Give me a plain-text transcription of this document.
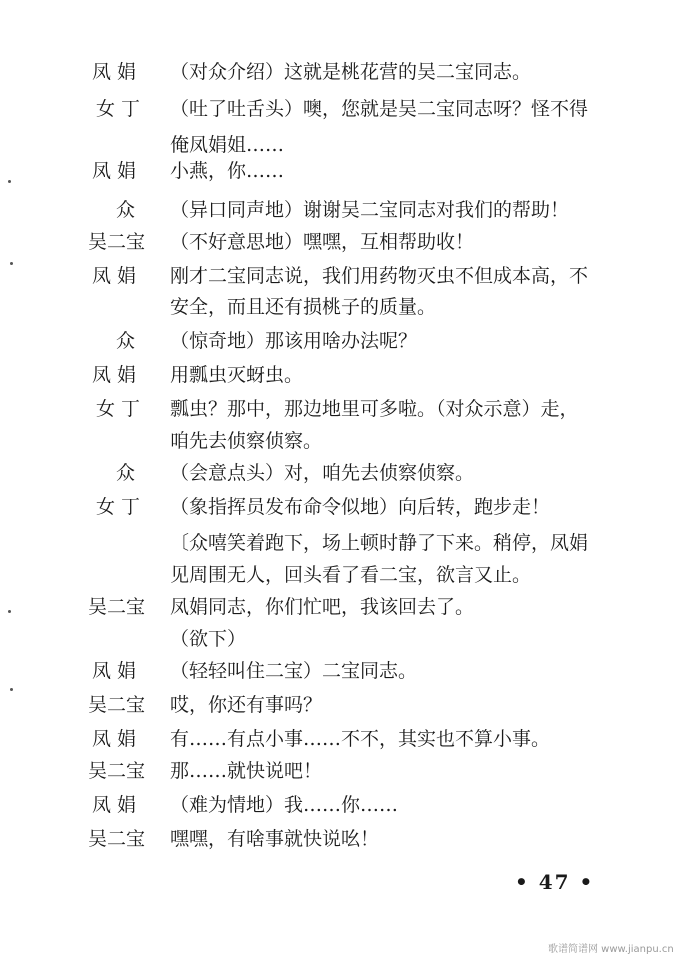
凤 娟 （对众介绍）这就是桃花营的吴二宝同志。
女 丁 （吐了吐舌头）噢，您就是吴二宝同志呀？怪不得
俺凤娟姐……
凤 娟 小燕，你……
众 （异口同声地）谢谢吴二宝同志对我们的帮助！
吴二宝 （不好意思地）嘿嘿，互相帮助收！
凤 娟 刚才二宝同志说，我们用药物灭虫不但成本高，不
安全，而且还有损桃子的质量。
众 （惊奇地）那该用啥办法呢？
凤 娟 用瓢虫灭蚜虫。
女 丁 瓢虫？那中，那边地里可多啦。（对众示意）走，
咱先去侦察侦察。
众 （会意点头）对，咱先去侦察侦察。
女 丁 （象指挥员发布命令似地）向后转，跑步走！
〔众嘻笑着跑下，场上顿时静了下来。稍停，凤娟
见周围无人，回头看了看二宝，欲言又止。
吴二宝 凤娟同志，你们忙吧，我该回去了。
（欲下）
凤 娟 （轻轻叫住二宝）二宝同志。
吴二宝 哎，你还有事吗？
凤 娟 有……有点小事……不不，其实也不算小事。
吴二宝 那……就快说吧！
凤 娟 （难为情地）我……你……
吴二宝 嘿嘿，有啥事就快说吆！
• 47 •
歌谱简谱网 www.jianpu.cn
